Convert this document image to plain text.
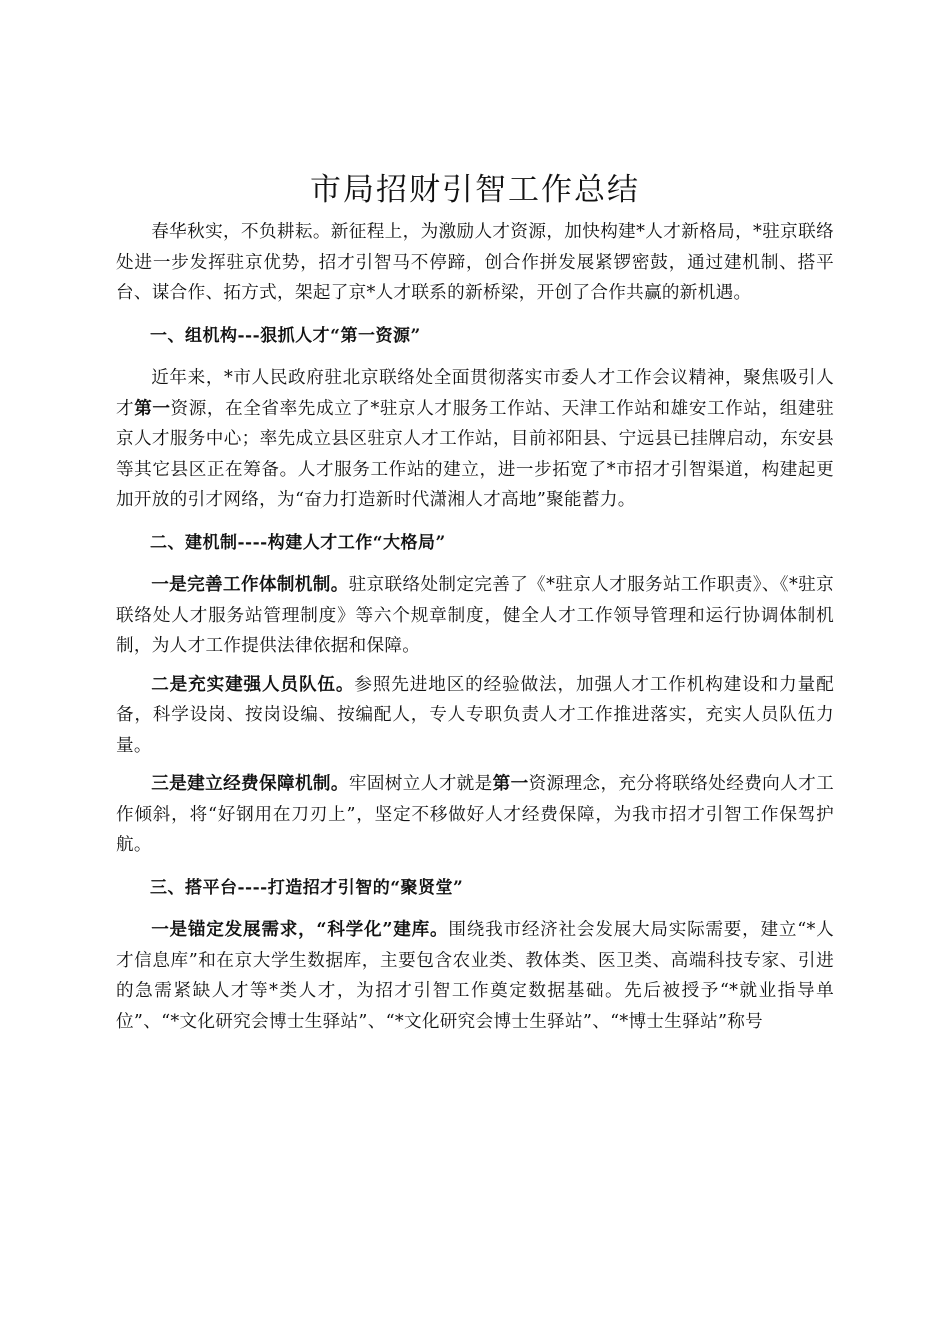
市局招财引智工作总结

春华秋实，不负耕耘。新征程上，为激励人才资源，加快构建*人才新格局，*驻京联络处进一步发挥驻京优势，招才引智马不停蹄，创合作拼发展紧锣密鼓，通过建机制、搭平台、谋合作、拓方式，架起了京*人才联系的新桥梁，开创了合作共赢的新机遇。

一、组机构---狠抓人才“第一资源”

近年来，*市人民政府驻北京联络处全面贯彻落实市委人才工作会议精神，聚焦吸引人才第一资源，在全省率先成立了*驻京人才服务工作站、天津工作站和雄安工作站，组建驻京人才服务中心；率先成立县区驻京人才工作站，目前祁阳县、宁远县已挂牌启动，东安县等其它县区正在筹备。人才服务工作站的建立，进一步拓宽了*市招才引智渠道，构建起更加开放的引才网络，为“奋力打造新时代潇湘人才高地”聚能蓄力。

二、建机制----构建人才工作“大格局”

一是完善工作体制机制。驻京联络处制定完善了《*驻京人才服务站工作职责》、《*驻京联络处人才服务站管理制度》等六个规章制度，健全人才工作领导管理和运行协调体制机制，为人才工作提供法律依据和保障。

二是充实建强人员队伍。参照先进地区的经验做法，加强人才工作机构建设和力量配备，科学设岗、按岗设编、按编配人，专人专职负责人才工作推进落实，充实人员队伍力量。

三是建立经费保障机制。牢固树立人才就是第一资源理念，充分将联络处经费向人才工作倾斜，将“好钢用在刀刃上”，坚定不移做好人才经费保障，为我市招才引智工作保驾护航。

三、搭平台----打造招才引智的“聚贤堂”

一是锚定发展需求，“科学化”建库。围绕我市经济社会发展大局实际需要，建立“*人才信息库”和在京大学生数据库，主要包含农业类、教体类、医卫类、高端科技专家、引进的急需紧缺人才等*类人才，为招才引智工作奠定数据基础。先后被授予“*就业指导单位”、“*文化研究会博士生驿站”、“*文化研究会博士生驿站”、“*博士生驿站”称号
